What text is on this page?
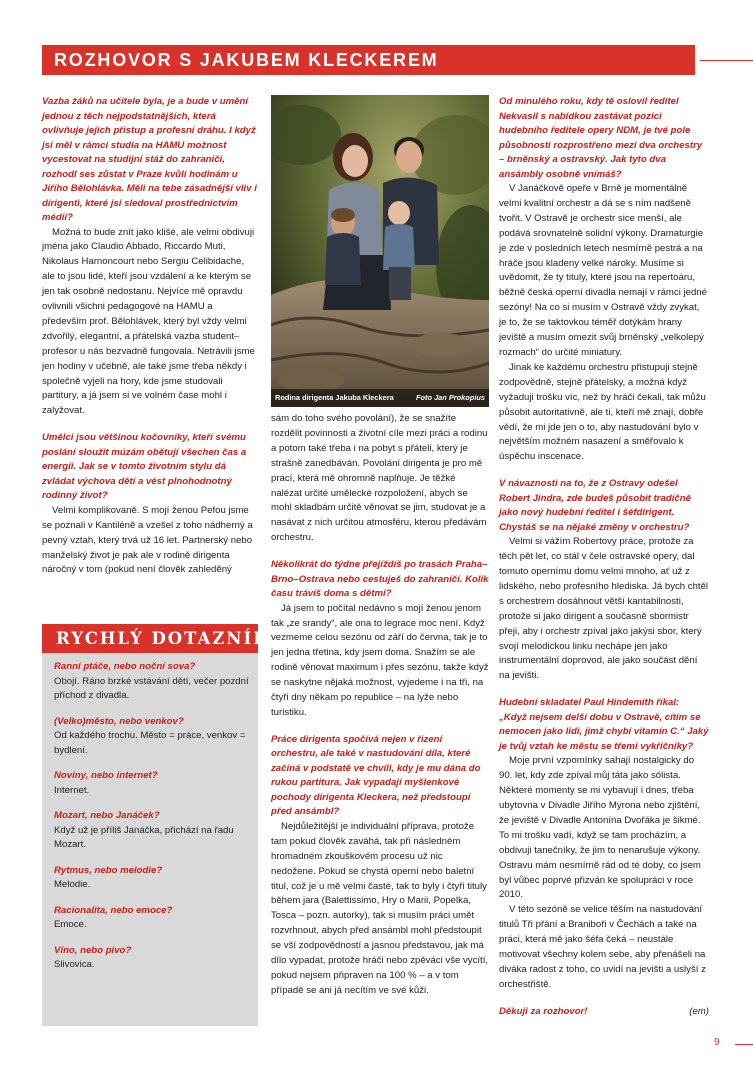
ROZHOVOR S JAKUBEM KLECKEREM

Vazba žáků na učitele byla, je a bude v umění jednou z těch nejpodstatnějších, která ovlivňuje jejich přístup a profesní dráhu. I když jsi měl v rámci studia na HAMU možnost vycestovat na studijní stáž do zahraničí, rozhodl ses zůstat v Praze kvůli hodinám u Jiřího Bělohlávka. Měli na tebe zásadnější vliv i dirigenti, které jsi sledoval prostřednictvím médií?

Možná to bude znít jako klišé, ale velmi obdivuji jména jako Claudio Abbado, Riccardo Muti, Nikolaus Harnoncourt nebo Sergiu Celibidache, ale to jsou lidé, kteří jsou vzdálení a ke kterým se jen tak osobně nedostanu. Nejvíce mě opravdu ovlivnili všichni pedagogové na HAMU a především prof. Bělohlávek, který byl vždy velmi zdvořilý, elegantní, a přátelská vazba student–profesor u nás bezvadně fungovala. Netrávili jsme jen hodiny v učebně, ale také jsme třeba někdy i společně vyjeli na hory, kde jsme studovali partitury, a já jsem si ve volném čase mohl i zalyžovat.

Umělci jsou většinou kočovníky, kteří svému poslání sloužit múzám obětují všechen čas a energii. Jak se v tomto životním stylu dá zvládat výchova dětí a vést plnohodnotný rodinný život?

Velmi komplikovaně. S mojí ženou Pefou jsme se poznali v Kantiléně a vzešel z toho nádherný a pevný vztah, který trvá už 16 let. Partnerský nebo manželský život je pak ale v rodině dirigenta náročný v tom (pokud není člověk zahleděný

Rodina dirigenta Jakuba Kleckera	Foto Jan Prokopius

sám do toho svého povolání), že se snažíte rozdělit povinnosti a životní cíle mezi práci a rodinu a potom také třeba i na pobyt s přáteli, který je strašně zanedbáván. Povolání dirigenta je pro mě prací, která mě ohromně naplňuje. Je těžké nalézat určité umělecké rozpoložení, abych se mohl skladbám určitě věnovat se jim, studovat je a nasávat z nich určitou atmosféru, kterou předávám orchestru.

Několikrát do týdne přejíždíš po trasách Praha–Brno–Ostrava nebo cestuješ do zahraničí. Kolik času trávíš doma s dětmi?

Já jsem to počítal nedávno s mojí ženou jenom tak „ze srandy“, ale ona to legrace moc není. Když vezmeme celou sezónu od září do června, tak je to jen jedna třetina, kdy jsem doma. Snažím se ale rodině věnovat maximum i přes sezónu, takže když se naskytne nějaká možnost, vyjedeme i na tři, na čtyři dny někam po republice – na lyže nebo turistiku.

Práce dirigenta spočívá nejen v řízení orchestru, ale také v nastudování díla, které začíná v podstatě ve chvíli, kdy je mu dána do rukou partitura. Jak vypadají myšlenkové pochody dirigenta Kleckera, než předstoupí před ansámbl?

Nejdůležitější je individuální příprava, protože tam pokud člověk zaváhá, tak při následném hromadném zkouškovém procesu už nic nedožene. Pokud se chystá operní nebo baletní titul, což je u mě velmi časté, tak to byly i čtyři tituly během jara (Balettissimo, Hry o Marii, Popelka, Tosca – pozn. autorky), tak si musím práci umět rozvrhnout, abych před ansámbl mohl předstoupit se vší zodpovědností a jasnou představou, jak má dílo vypadat, protože hráči nebo zpěváci vše vycítí, pokud nejsem připraven na 100 % – a v tom případě se ani já necítím ve své kůži.

Od minulého roku, kdy tě oslovil ředitel Nekvasil s nabídkou zastávat pozici hudebního ředitele opery NDM, je tvé pole působnosti rozprostřeno mezi dva orchestry – brněnský a ostravský. Jak tyto dva ansámbly osobně vnímáš?

V Janáčkově opeře v Brně je momentálně velmi kvalitní orchestr a dá se s ním nadšeně tvořit. V Ostravě je orchestr sice menší, ale podává srovnatelně solidní výkony. Dramaturgie je zde v posledních letech nesmírně pestrá a na hráče jsou kladeny velké nároky. Musíme si uvědomit, že ty tituly, které jsou na repertoáru, běžně česká operní divadla nemají v rámci jedné sezóny! Na co si musím v Ostravě vždy zvykat, je to, že se taktovkou téměř dotýkám hrany jeviště a musím omezit svůj brněnský „velkolepý rozmach“ do určité miniatury.

Jinak ke každému orchestru přistupuji stejně zodpovědně, stejně přátelsky, a možná když vyžaduji trošku víc, než by hráči čekali, tak můžu působit autoritativně, ale ti, kteří mě znají, dobře vědí, že mi jde jen o to, aby nastudování bylo v největším možném nasazení a směřovalo k úspěchu inscenace.

V návaznosti na to, že z Ostravy odešel Robert Jindra, zde budeš působit tradičně jako nový hudební ředitel i šéfdirigent. Chystáš se na nějaké změny v orchestru?

Velmi si vážím Robertovy práce, protože za těch pět let, co stál v čele ostravské opery, dal tomuto opernímu domu velmi mnoho, ať už z lidského, nebo profesního hlediska. Já bych chtěl s orchestrem dosáhnout větší kantabilnosti, protože si jako dirigent a současně sbormistr přeji, aby i orchestr zpíval jako jakýsi sbor, který svojí melodickou linku nechápe jen jako instrumentální doprovod, ale jako součást dění na jevišti.

Hudební skladatel Paul Hindemith říkal: „Když nejsem delší dobu v Ostravě, cítím se nemocen jako lidi, jimž chybí vitamín C.“ Jaký je tvůj vztah ke městu se třemi vykřičníky?

Moje první vzpomínky sahají nostalgicky do 90. let, kdy zde zpíval můj táta jako sólista. Některé momenty se mi vybavují i dnes, třeba ubytovna v Divadle Jiřího Myrona nebo zjištění, že jeviště v Divadle Antonína Dvořáka je šikmé. To mi trošku vadí, když se tam procházím, a obdivuji tanečníky, že jim to nenarušuje výkony. Ostravu mám nesmírně rád od té doby, co jsem byl vůbec poprvé přizván ke spolupráci v roce 2010.

V této sezóně se velice těším na nastudování titulů Tři přání a Braniboři v Čechách a také na práci, která mě jako šéfa čeká – neustále motivovat všechny kolem sebe, aby přenášeli na diváka radost z toho, co uvidí na jevišti a uslyší z orchestřiště.

Děkuji za rozhovor!	(em)
RYCHLÝ DOTAZNÍK
Ranní ptáče, nebo noční sova?
Obojí. Ráno brzké vstávání dětí, večer pozdní příchod z divadla.
(Velko)město, nebo venkov?
Od každého trochu. Město = práce, venkov = bydlení.
Noviny, nebo internet?
Internet.
Mozart, nebo Janáček?
Když už je příliš Janáčka, přichází na řadu Mozart.
Rytmus, nebo melodie?
Melodie.
Racionalita, nebo emoce?
Emoce.
Víno, nebo pivo?
Slivovica.
9
